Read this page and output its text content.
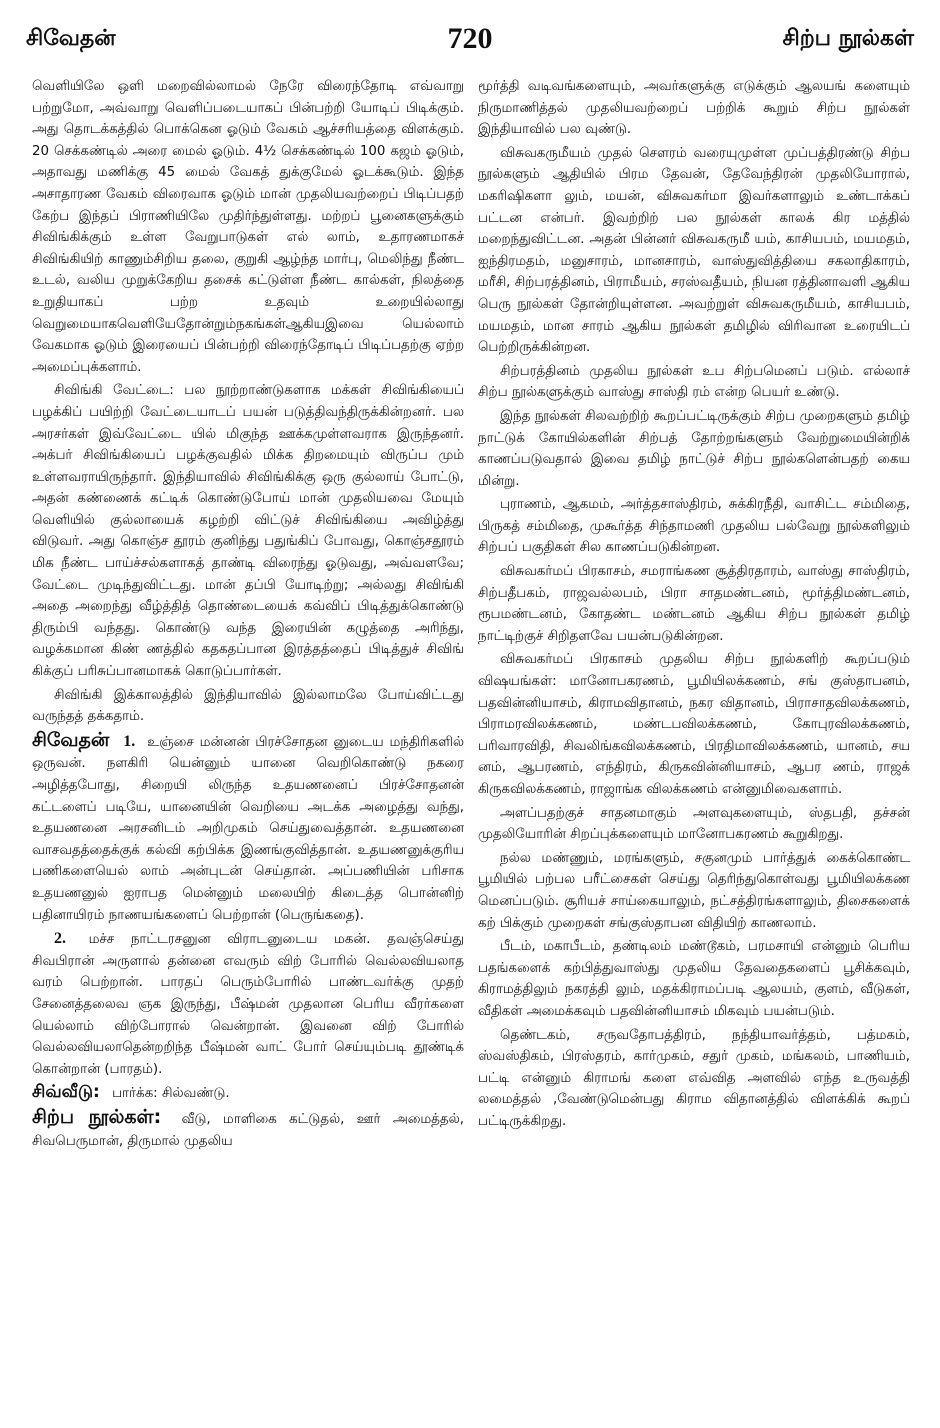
சிவேதன்	720	சிற்ப நூல்கள்

வெளியிலே ஒளி மறைவில்லாமல் நேரே விரைந்தோடி எவ்வாறு பற்றுமோ, அவ்வாறு வெளிப்படையாகப் பின்பற்றி யோடிப் பிடிக்கும். அது தொடக்கத்தில் பொக்கென ஓடும் வேகம் ஆச்சரியத்தை விளக்கும். 20 செக்கண்டில் அரை மைல் ஓடும். 4½ செக்கண்டில் 100 கஜம் ஓடும், அதாவது மணிக்கு 45 மைல் வேகத் துக்குமேல் ஓடக்கூடும். இந்த அசாதாரண வேகம் விரைவாக ஓடும் மான் முதலியவற்றைப் பிடிப்பதற் கேற்ப இந்தப் பிராணியிலே முதிர்ந்துள்ளது. மற்றப் பூனைகளுக்கும் சிவிங்கிக்கும் உள்ள வேறுபாடுகள் எல் லாம், உதாரணமாகச் சிவிங்கியிற் காணும்சிறிய தலை, குறுகி ஆழ்ந்த மார்பு, மெலிந்து நீண்ட உடல், வலிய முறுக்கேறிய தசைக் கட்டுள்ள நீண்ட கால்கள், நிலத்தை உறுதியாகப் பற்ற உதவும் உறையில்லாது வெறுமையாகவெளியேதோன்றும்நகங்கள்ஆகியஇவை யெல்லாம் வேகமாக ஓடும் இரையைப் பின்பற்றி விரைந்தோடிப் பிடிப்பதற்கு ஏற்ற அமைப்புக்களாம்.

சிவிங்கி வேட்டை: பல நூற்றாண்டுகளாக மக்கள் சிவிங்கியைப் பழக்கிப் பயிற்றி வேட்டையாடப் பயன் படுத்திவந்திருக்கின்றனர். பல அரசர்கள் இவ்வேட்டை யில் மிகுந்த ஊக்கமுள்ளவராக இருந்தனர். அக்பர் சிவிங்கியைப் பழக்குவதில் மிக்க திறமையும் விருப்ப மும் உள்ளவராயிருந்தார். இந்தியாவில் சிவிங்கிக்கு ஒரு குல்லாய் போட்டு, அதன் கண்ணைக் கட்டிக் கொண்டுபோய் மான் முதலியவை மேயும் வெளியில் குல்லாயைக் கழற்றி விட்டுச் சிவிங்கியை அவிழ்த்து விடுவர். அது கொஞ்ச தூரம் குனிந்து பதுங்கிப் போவது, கொஞ்சதூரம் மிக நீண்ட பாய்ச்சல்களாகத் தாண்டி விரைந்து ஓடுவது, அவ்வளவே; வேட்டை முடிந்துவிட்டது. மான் தப்பி யோடிற்று; அல்லது சிவிங்கி அதை அறைந்து வீழ்த்தித் தொண்டையைக் கவ்விப் பிடித்துக்கொண்டு திரும்பி வந்தது. கொண்டு வந்த இரையின் கழுத்தை அரிந்து, வழக்கமான கிண் ணத்தில் கதகதப்பான இரத்தத்தைப் பிடித்துச் சிவிங் கிக்குப் பரிசுப்பானமாகக் கொடுப்பார்கள்.

சிவிங்கி இக்காலத்தில் இந்தியாவில் இல்லாமலே போய்விட்டது வருந்தத் தக்கதாம்.

சிவேதன் 1. உஞ்சை மன்னன் பிரச்சோதன னுடைய மந்திரிகளில் ஒருவன். நளகிரி யென்னும் யானை வெறிகொண்டு நகரை அழித்தபோது, சிறையி லிருந்த உதயணனைப் பிரச்சோதனன் கட்டளைப் படியே, யானையின் வெறியை அடக்க அழைத்து வந்து, உதயணனை அரசனிடம் அறிமுகம் செய்துவைத்தான். உதயணனை வாசவதத்தைக்குக் கல்வி கற்பிக்க இணங்குவித்தான். உதயணனுக்குரிய பணிகளையெல் லாம் அன்புடன் செய்தான். அப்பணியின் பரிசாக உதயணனுல் ஐராபத மென்னும் மலையிற் கிடைத்த பொன்னிற் பதினாயிரம் நாணயங்களைப் பெற்றான் (பெருங்கதை).

2. மச்ச நாட்டரசனுன விராடனுடைய மகன். தவஞ்செய்து சிவபிரான் அருளால் தன்னை எவரும் விற் போரில் வெல்லவியலாத வரம் பெற்றான். பாரதப் பெரும்போரில் பாண்டவர்க்கு முதற் சேனைத்தலைவ ஞக இருந்து, பீஷ்மன் முதலான பெரிய வீரர்களை யெல்லாம் விற்போரால் வென்றான். இவனை விற் போரில் வெல்லவியலாதென்றறிந்த பீஷ்மன் வாட் போர் செய்யும்படி தூண்டிக் கொன்றான் (பாரதம்).

சிவ்வீடு: பார்க்க: சில்வண்டு.

சிற்ப நூல்கள்: வீடு, மாளிகை கட்டுதல், ஊர் அமைத்தல், சிவபெருமான், திருமால் முதலிய

மூர்த்தி வடிவங்களையும், அவர்களுக்கு எடுக்கும் ஆலயங் களையும் நிருமாணித்தல் முதலியவற்றைப் பற்றிக் கூறும் சிற்ப நூல்கள் இந்தியாவில் பல வுண்டு.

விசுவகருமீயம் முதல் சௌரம் வரையுமுள்ள முப்பத்திரண்டு சிற்ப நூல்களும் ஆதியில் பிரம தேவன், தேவேந்திரன் முதலியோரால், மகரிஷிகளா லும், மயன், விசுவகர்மா இவர்களாலும் உண்டாக்கப் பட்டன என்பர். இவற்றிற் பல நூல்கள் காலக் கிர மத்தில் மறைந்துவிட்டன. அதன் பின்னர் விசுவகருமீ யம், காசியபம், மயமதம், ஐந்திரமதம், மனுசாரம், மானசாரம், வாஸ்துவித்தியை சகலாதிகாரம், மரீசி, சிற்பரத்தினம், பிராமீயம், சரஸ்வதீயம், நியன ரத்தினாவளி ஆகிய பெரு நூல்கள் தோன்றியுள்ளன. அவற்றுள் விசுவகருமீயம், காசியபம், மயமதம், மான சாரம் ஆகிய நூல்கள் தமிழில் விரிவான உரையிடப் பெற்றிருக்கின்றன.

சிற்பரத்தினம் முதலிய நூல்கள் உப சிற்பமெனப் படும். எல்லாச் சிற்ப நூல்களுக்கும் வாஸ்து சாஸ்தி ரம் என்ற பெயர் உண்டு.

இந்த நூல்கள் சிலவற்றிற் கூறப்பட்டிருக்கும் சிற்ப முறைகளும் தமிழ் நாட்டுக் கோயில்களின் சிற்பத் தோற்றங்களும் வேற்றுமையின்றிக் காணப்படுவதால் இவை தமிழ் நாட்டுச் சிற்ப நூல்களென்பதற் கைய மின்று.

புராணம், ஆகமம், அர்த்தசாஸ்திரம், சுக்கிரநீதி, வாசிட்ட சம்மிதை, பிருகத் சம்மிதை, முகூர்த்த சிந்தாமணி முதலிய பல்வேறு நூல்களிலும் சிற்பப் பகுதிகள் சில காணப்படுகின்றன.

விசுவகர்மப் பிரகாசம், சமராங்கண சூத்திரதாரம், வாஸ்து சாஸ்திரம், சிற்பதீபகம், ராஜவல்லபம், பிரா சாதமண்டனம், மூர்த்திமண்டனம், ரூபமண்டனம், கோதண்ட மண்டனம் ஆகிய சிற்ப நூல்கள் தமிழ் நாட்டிற்குச் சிறிதளவே பயன்படுகின்றன.

விசுவகர்மப் பிரகாசம் முதலிய சிற்ப நூல்களிற் கூறப்படும் விஷயங்கள்: மானோபகரணம், பூமியிலக்கணம், சங் குஸ்தாபனம், பதவின்னியாசம், கிராமவிதானம், நகர விதானம், பிராசாதவிலக்கணம், பிராமரவிலக்கணம், மண்டபவிலக்கணம், கோபுரவிலக்கணம், பரிவாரவிதி, சிவலிங்கவிலக்கணம், பிரதிமாவிலக்கணம், யானம், சய னம், ஆபரணம், எந்திரம், கிருகவின்னியாசம், ஆபர ணம், ராஜக் கிருகவிலக்கணம், ராஜாங்க விலக்கணம் என்னுமிவைகளாம்.

அளப்பதற்குச் சாதனமாகும் அளவுகளையும், ஸ்தபதி, தச்சன் முதலியோரின் சிறப்புக்களையும் மானோபகரணம் கூறுகிறது.

நல்ல மண்ணும், மரங்களும், சகுனமும் பார்த்துக் கைக்கொண்ட பூமியில் பற்பல பரீட்சைகள் செய்து தெரிந்துகொள்வது பூமியிலக்கண மெனப்படும். சூரியச் சாய்கையாலும், நட்சத்திரங்களாலும், திசைகளைக் கற் பிக்கும் முறைகள் சங்குஸ்தாபன விதியிற் காணலாம்.

பீடம், மகாபீடம், தண்டிலம் மண்டூகம், பரமசாயி என்னும் பெரிய பதங்களைக் கற்பித்துவாஸ்து முதலிய தேவதைகளைப் பூசிக்கவும், கிராமத்திலும் நகரத்தி லும், மதக்கிராமப்படி ஆலயம், குளம், வீடுகள், வீதிகள் அமைக்கவும் பதவின்னியாசம் மிகவும் பயன்படும்.

தெண்டகம், சருவதோபத்திரம், நந்தியாவர்த்தம், பத்மகம், ஸ்வஸ்திகம், பிரஸ்தரம், கார்முகம், சதுர் முகம், மங்கலம், பாணியம், பட்டி என்னும் கிராமங் களை எவ்வித அளவில் எந்த உருவத்தி லமைத்தல் ,வேண்டுமென்பது கிராம விதானத்தில் விளக்கிக் கூறப் பட்டிருக்கிறது.
